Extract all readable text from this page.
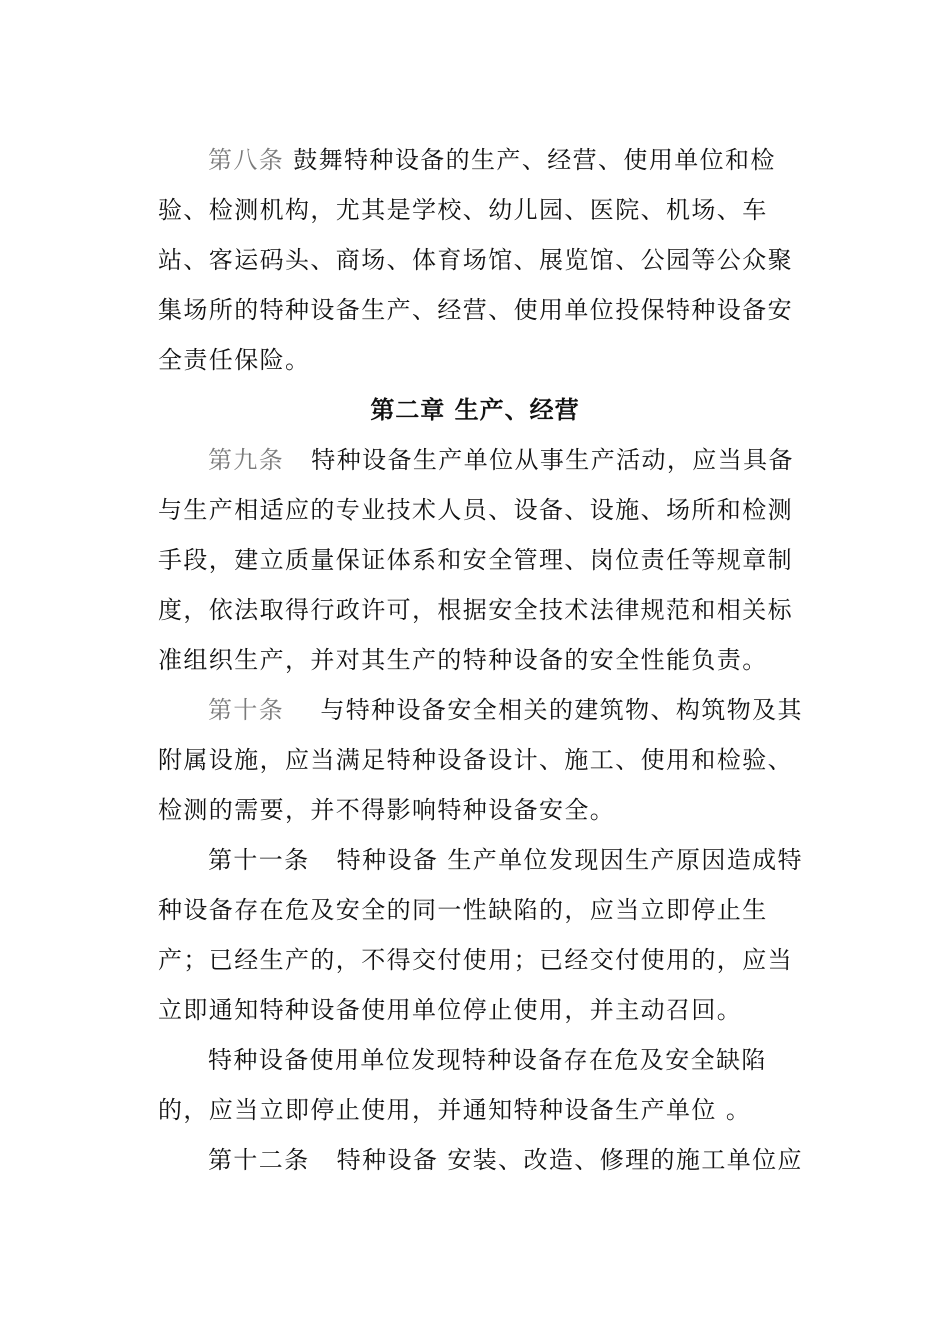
第八条 鼓舞特种设备的生产、经营、使用单位和检
验、检测机构，尤其是学校、幼儿园、医院、机场、车
站、客运码头、商场、体育场馆、展览馆、公园等公众聚
集场所的特种设备生产、经营、使用单位投保特种设备安
全责任保险。
第二章 生产、经营
第九条   特种设备生产单位从事生产活动，应当具备
与生产相适应的专业技术人员、设备、设施、场所和检测
手段，建立质量保证体系和安全管理、岗位责任等规章制
度，依法取得行政许可，根据安全技术法律规范和相关标
准组织生产，并对其生产的特种设备的安全性能负责。
第十条    与特种设备安全相关的建筑物、构筑物及其
附属设施，应当满足特种设备设计、施工、使用和检验、
检测的需要，并不得影响特种设备安全。
第十一条   特种设备 生产单位发现因生产原因造成特
种设备存在危及安全的同一性缺陷的，应当立即停止生
产；已经生产的，不得交付使用；已经交付使用的，应当
立即通知特种设备使用单位停止使用，并主动召回。
特种设备使用单位发现特种设备存在危及安全缺陷
的，应当立即停止使用，并通知特种设备生产单位 。
第十二条   特种设备 安装、改造、修理的施工单位应
